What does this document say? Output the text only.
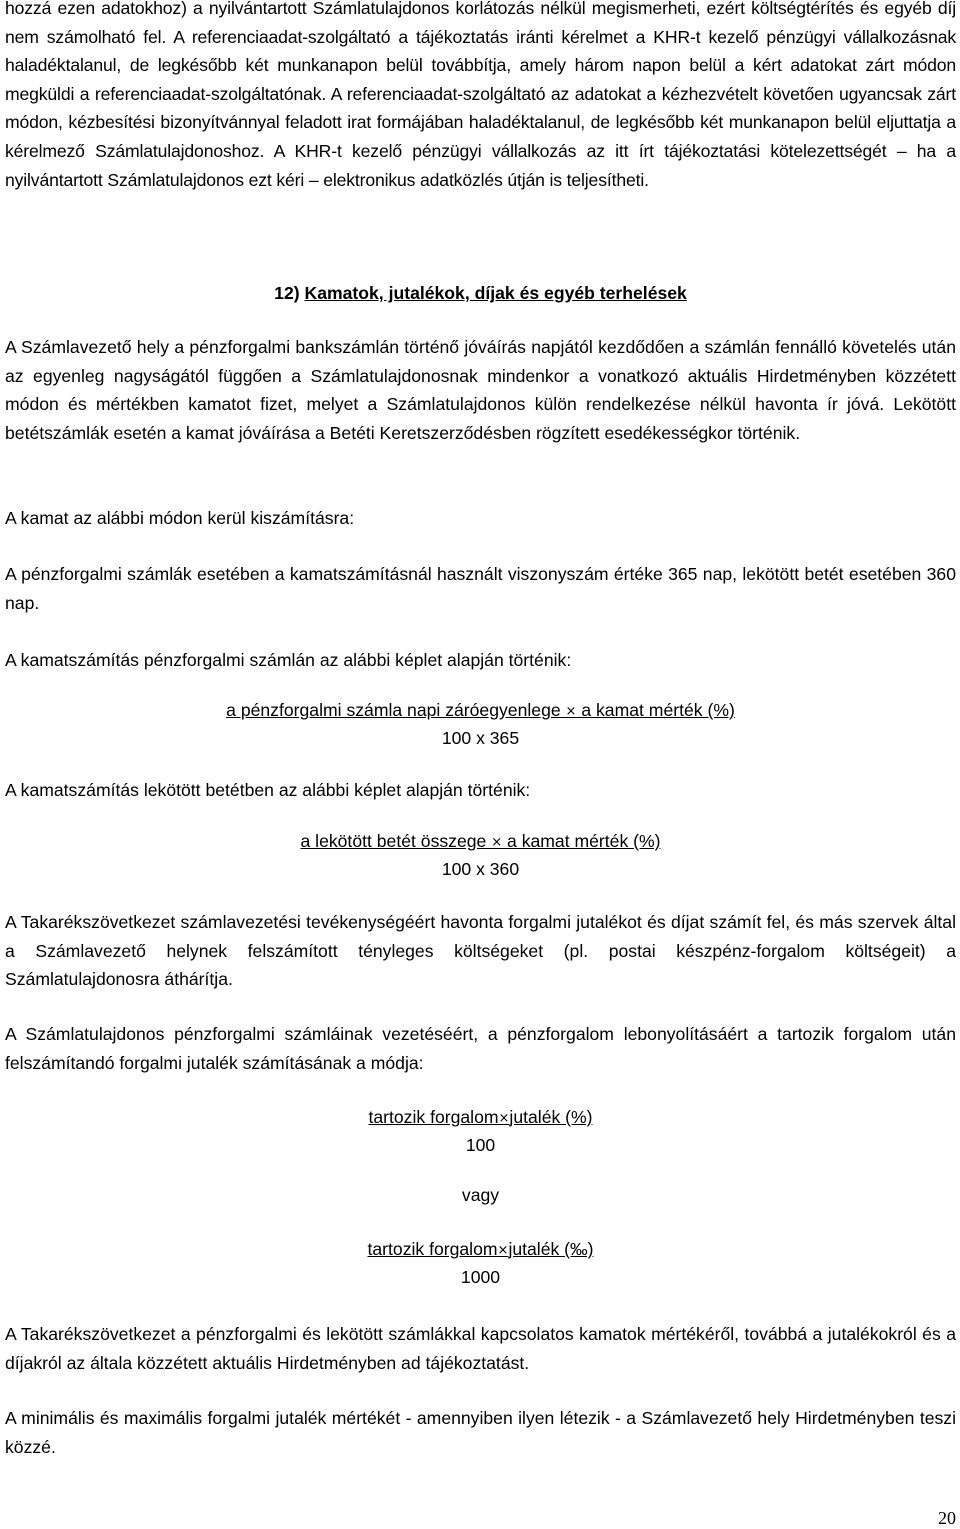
hozzá ezen adatokhoz) a nyilvántartott Számlatulajdonos korlátozás nélkül megismerheti, ezért költségtérítés és egyéb díj nem számolható fel. A referenciaadat-szolgáltató a tájékoztatás iránti kérelmet a KHR-t kezelő pénzügyi vállalkozásnak haladéktalanul, de legkésőbb két munkanapon belül továbbítja, amely három napon belül a kért adatokat zárt módon megküldi a referenciaadat-szolgáltatónak. A referenciaadat-szolgáltató az adatokat a kézhezvételt követően ugyancsak zárt módon, kézbesítési bizonyítvánnyal feladott irat formájában haladéktalanul, de legkésőbb két munkanapon belül eljuttatja a kérelmező Számlatulajdonoshoz. A KHR-t kezelő pénzügyi vállalkozás az itt írt tájékoztatási kötelezettségét – ha a nyilvántartott Számlatulajdonos ezt kéri – elektronikus adatközlés útján is teljesítheti.

12) Kamatok, jutalékok, díjak és egyéb terhelések

A Számlavezető hely a pénzforgalmi bankszámlán történő jóváírás napjától kezdődően a számlán fennálló követelés után az egyenleg nagyságától függően a Számlatulajdonosnak mindenkor a vonatkozó aktuális Hirdetményben közzétett módon és mértékben kamatot fizet, melyet a Számlatulajdonos külön rendelkezése nélkül havonta ír jóvá. Lekötött betétszámlák esetén a kamat jóváírása a Betéti Keretszerződésben rögzített esedékességkor történik.

A kamat az alábbi módon kerül kiszámításra:

A pénzforgalmi számlák esetében a kamatszámításnál használt viszonyszám értéke 365 nap, lekötött betét esetében 360 nap.

A kamatszámítás pénzforgalmi számlán az alábbi képlet alapján történik:

a pénzforgalmi számla napi záróegyenlege × a kamat mérték (%)
100 x 365

A kamatszámítás lekötött betétben az alábbi képlet alapján történik:

a lekötött betét összege × a kamat mérték (%)
100 x 360

A Takarékszövetkezet számlavezetési tevékenységéért havonta forgalmi jutalékot és díjat számít fel, és más szervek által a Számlavezető helynek felszámított tényleges költségeket (pl. postai készpénz-forgalom költségeit) a Számlatulajdonosra áthárítja.

A Számlatulajdonos pénzforgalmi számláinak vezetéséért, a pénzforgalom lebonyolításáért a tartozik forgalom után felszámítandó forgalmi jutalék számításának a módja:

tartozik forgalom×jutalék (%)
100
vagy
tartozik forgalom×jutalék (‰)
1000

A Takarékszövetkezet a pénzforgalmi és lekötött számlákkal kapcsolatos kamatok mértékéről, továbbá a jutalékokról és a díjakról az általa közzétett aktuális Hirdetményben ad tájékoztatást.

A minimális és maximális forgalmi jutalék mértékét - amennyiben ilyen létezik - a Számlavezető hely Hirdetményben teszi közzé.

20
